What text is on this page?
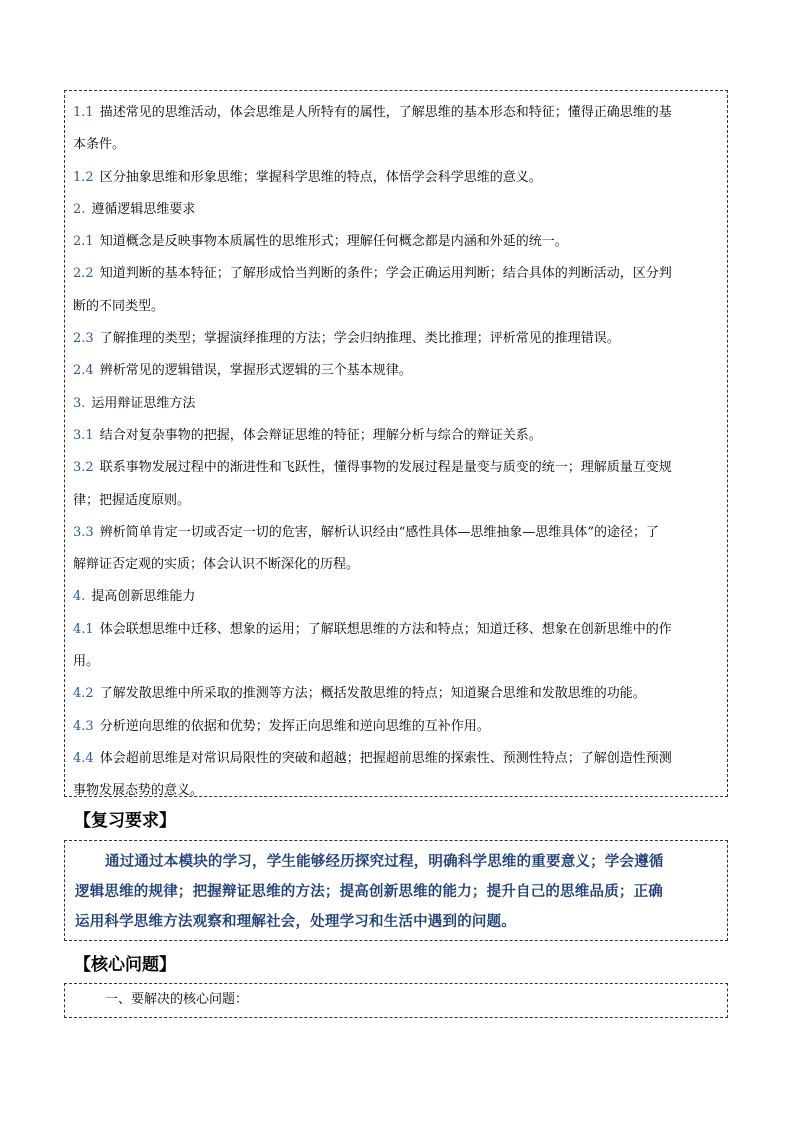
1.1 描述常见的思维活动，体会思维是人所特有的属性，了解思维的基本形态和特征；懂得正确思维的基
本条件。
1.2 区分抽象思维和形象思维；掌握科学思维的特点，体悟学会科学思维的意义。
2. 遵循逻辑思维要求
2.1 知道概念是反映事物本质属性的思维形式；理解任何概念都是内涵和外延的统一。
2.2 知道判断的基本特征；了解形成恰当判断的条件；学会正确运用判断；结合具体的判断活动，区分判
断的不同类型。
2.3 了解推理的类型；掌握演绎推理的方法；学会归纳推理、类比推理；评析常见的推理错误。
2.4 辨析常见的逻辑错误，掌握形式逻辑的三个基本规律。
3. 运用辩证思维方法
3.1 结合对复杂事物的把握，体会辩证思维的特征；理解分析与综合的辩证关系。
3.2 联系事物发展过程中的渐进性和飞跃性，懂得事物的发展过程是量变与质变的统一；理解质量互变规
律；把握适度原则。
3.3 辨析简单肯定一切或否定一切的危害，解析认识经由“感性具体—思维抽象—思维具体”的途径；了
解辩证否定观的实质；体会认识不断深化的历程。
4. 提高创新思维能力
4.1 体会联想思维中迁移、想象的运用；了解联想思维的方法和特点；知道迁移、想象在创新思维中的作
用。
4.2 了解发散思维中所采取的推测等方法；概括发散思维的特点；知道聚合思维和发散思维的功能。
4.3 分析逆向思维的依据和优势；发挥正向思维和逆向思维的互补作用。
4.4 体会超前思维是对常识局限性的突破和超越；把握超前思维的探索性、预测性特点；了解创造性预测
事物发展态势的意义。
【复习要求】
通过通过本模块的学习，学生能够经历探究过程，明确科学思维的重要意义；学会遵循
逻辑思维的规律；把握辩证思维的方法；提高创新思维的能力；提升自己的思维品质；正确
运用科学思维方法观察和理解社会，处理学习和生活中遇到的问题。
【核心问题】
一、要解决的核心问题：
